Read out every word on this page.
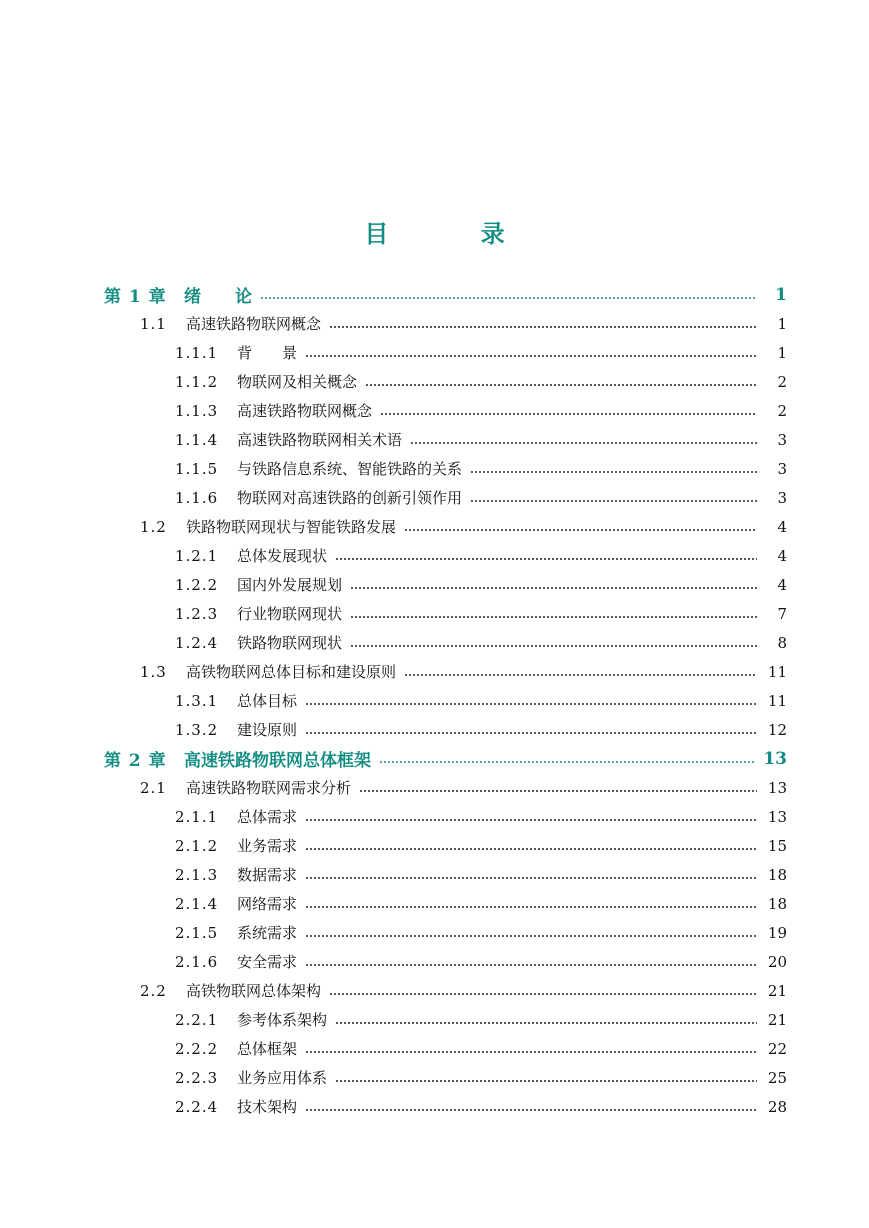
目 录
第 1 章	绪　　论	1
1.1	高速铁路物联网概念	1
1.1.1	背　　景	1
1.1.2	物联网及相关概念	2
1.1.3	高速铁路物联网概念	2
1.1.4	高速铁路物联网相关术语	3
1.1.5	与铁路信息系统、智能铁路的关系	3
1.1.6	物联网对高速铁路的创新引领作用	3
1.2	铁路物联网现状与智能铁路发展	4
1.2.1	总体发展现状	4
1.2.2	国内外发展规划	4
1.2.3	行业物联网现状	7
1.2.4	铁路物联网现状	8
1.3	高铁物联网总体目标和建设原则	11
1.3.1	总体目标	11
1.3.2	建设原则	12
第 2 章	高速铁路物联网总体框架	13
2.1	高速铁路物联网需求分析	13
2.1.1	总体需求	13
2.1.2	业务需求	15
2.1.3	数据需求	18
2.1.4	网络需求	18
2.1.5	系统需求	19
2.1.6	安全需求	20
2.2	高铁物联网总体架构	21
2.2.1	参考体系架构	21
2.2.2	总体框架	22
2.2.3	业务应用体系	25
2.2.4	技术架构	28
